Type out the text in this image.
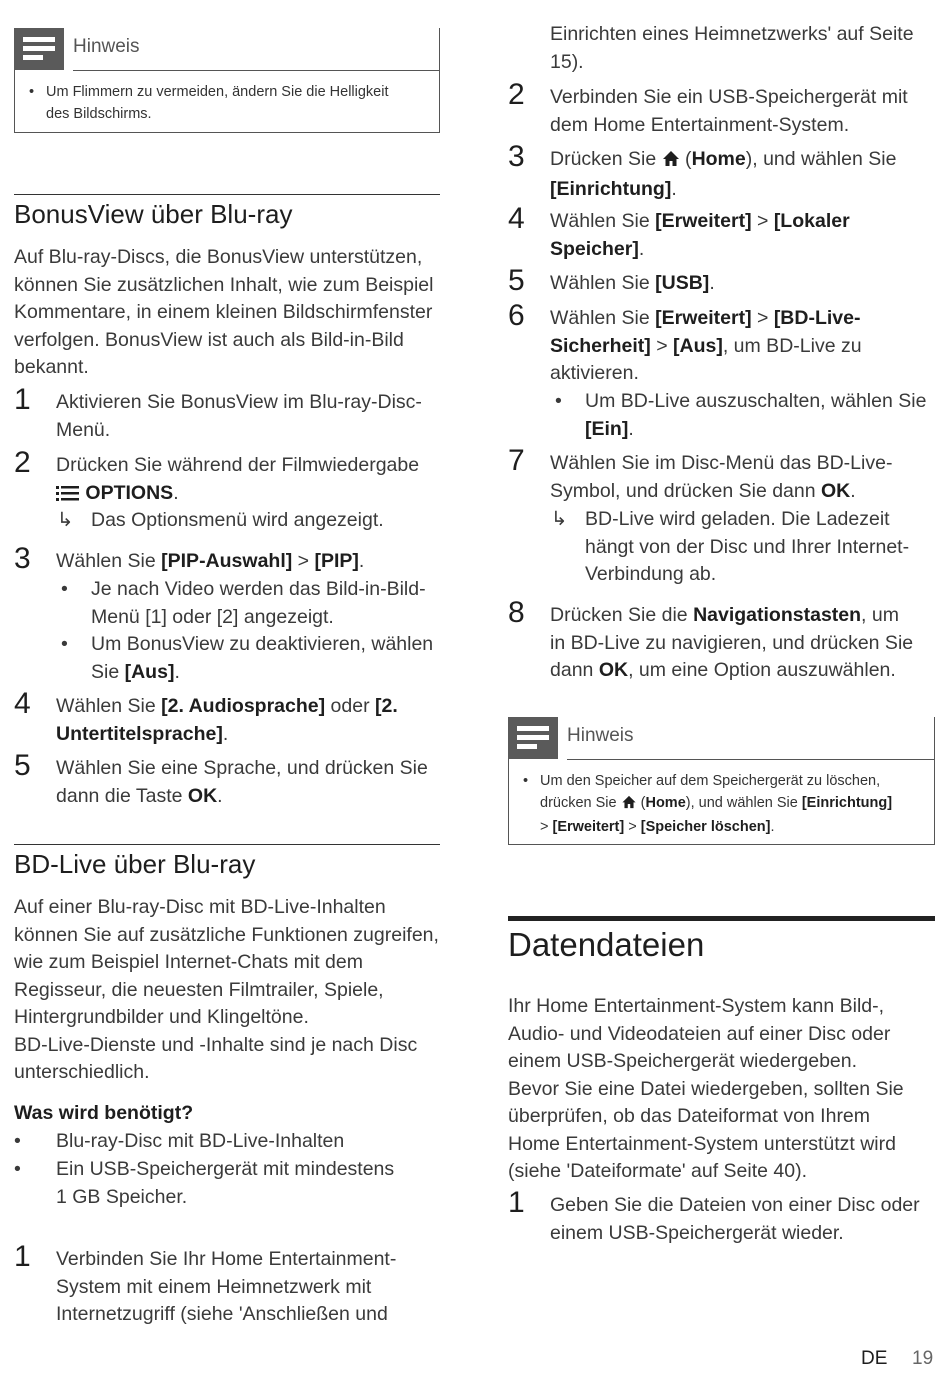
Hinweis
• Um Flimmern zu vermeiden, ändern Sie die Helligkeit
des Bildschirms.
BonusView über Blu-ray
Auf Blu-ray-Discs, die BonusView unterstützen,
können Sie zusätzlichen Inhalt, wie zum Beispiel
Kommentare, in einem kleinen Bildschirmfenster
verfolgen. BonusView ist auch als Bild-in-Bild
bekannt.
1 Aktivieren Sie BonusView im Blu-ray-Disc-
Menü.
2 Drücken Sie während der Filmwiedergabe
OPTIONS.
↳ Das Optionsmenü wird angezeigt.
3 Wählen Sie [PIP-Auswahl] > [PIP].
• Je nach Video werden das Bild-in-Bild-
Menü [1] oder [2] angezeigt.
• Um BonusView zu deaktivieren, wählen
Sie [Aus].
4 Wählen Sie [2. Audiosprache] oder [2.
Untertitelsprache].
5 Wählen Sie eine Sprache, und drücken Sie
dann die Taste OK.
BD-Live über Blu-ray
Auf einer Blu-ray-Disc mit BD-Live-Inhalten
können Sie auf zusätzliche Funktionen zugreifen,
wie zum Beispiel Internet-Chats mit dem
Regisseur, die neuesten Filmtrailer, Spiele,
Hintergrundbilder und Klingeltöne.
BD-Live-Dienste und -Inhalte sind je nach Disc
unterschiedlich.
Was wird benötigt?
• Blu-ray-Disc mit BD-Live-Inhalten
• Ein USB-Speichergerät mit mindestens
1 GB Speicher.
1 Verbinden Sie Ihr Home Entertainment-
System mit einem Heimnetzwerk mit
Internetzugriff (siehe 'Anschließen und
Einrichten eines Heimnetzwerks' auf Seite
15).
2 Verbinden Sie ein USB-Speichergerät mit
dem Home Entertainment-System.
3 Drücken Sie  (Home), und wählen Sie
[Einrichtung].
4 Wählen Sie [Erweitert] > [Lokaler
Speicher].
5 Wählen Sie [USB].
6 Wählen Sie [Erweitert] > [BD-Live-
Sicherheit] > [Aus], um BD-Live zu
aktivieren.
• Um BD-Live auszuschalten, wählen Sie
[Ein].
7 Wählen Sie im Disc-Menü das BD-Live-
Symbol, und drücken Sie dann OK.
↳ BD-Live wird geladen. Die Ladezeit
hängt von der Disc und Ihrer Internet-
Verbindung ab.
8 Drücken Sie die Navigationstasten, um
in BD-Live zu navigieren, und drücken Sie
dann OK, um eine Option auszuwählen.
Hinweis
• Um den Speicher auf dem Speichergerät zu löschen,
drücken Sie  (Home), und wählen Sie [Einrichtung]
> [Erweitert] > [Speicher löschen].
Datendateien
Ihr Home Entertainment-System kann Bild-,
Audio- und Videodateien auf einer Disc oder
einem USB-Speichergerät wiedergeben.
Bevor Sie eine Datei wiedergeben, sollten Sie
überprüfen, ob das Dateiformat von Ihrem
Home Entertainment-System unterstützt wird
(siehe 'Dateiformate' auf Seite 40).
1 Geben Sie die Dateien von einer Disc oder
einem USB-Speichergerät wieder.
DE 19
